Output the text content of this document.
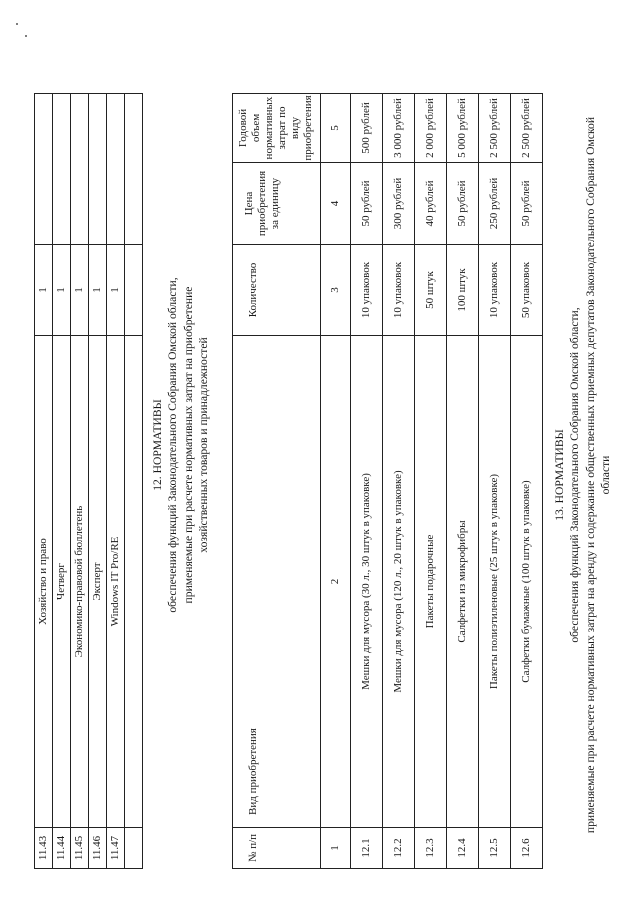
11.43
Хозяйство и право
1
11.44
Четверг
1
11.45
Экономико-правовой бюллетень
1
11.46
Эксперт
1
11.47
Windows IT Pro/RE
1
12. НОРМАТИВЫ обеспечения функций Законодательного Собрания Омской области, применяемые при расчете нормативных затрат на приобретение хозяйственных товаров и принадлежностей
№ п/п
Вид приобретения
Количество
Цена приобретения за единицу
Годовой объем нормативных затрат по виду приобретения
1
2
3
4
5
12.1
Мешки для мусора (30 л., 30 штук в упаковке)
10 упаковок
50 рублей
500 рублей
12.2
Мешки для мусора (120 л., 20 штук в упаковке)
10 упаковок
300 рублей
3 000 рублей
12.3
Пакеты подарочные
50 штук
40 рублей
2 000 рублей
12.4
Салфетки из микрофибры
100 штук
50 рублей
5 000 рублей
12.5
Пакеты полиэтиленовые (25 штук в упаковке)
10 упаковок
250 рублей
2 500 рублей
12.6
Салфетки бумажные (100 штук в упаковке)
50 упаковок
50 рублей
2 500 рублей
13. НОРМАТИВЫ обеспечения функций Законодательного Собрания Омской области, применяемые при расчете нормативных затрат на аренду и содержание общественных приемных депутатов Законодательного Собрания Омской области
